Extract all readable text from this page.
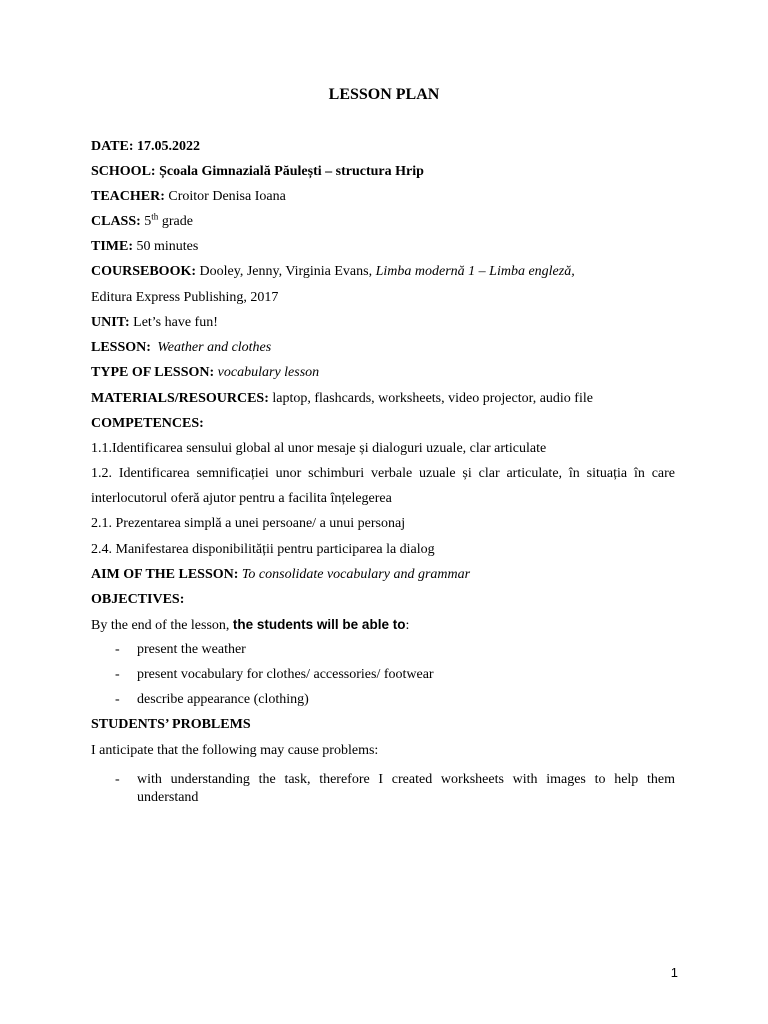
LESSON PLAN
DATE: 17.05.2022
SCHOOL: Școala Gimnazială Păulești – structura Hrip
TEACHER: Croitor Denisa Ioana
CLASS: 5th grade
TIME: 50 minutes
COURSEBOOK: Dooley, Jenny, Virginia Evans, Limba modernă 1 – Limba engleză,
Editura Express Publishing, 2017
UNIT: Let’s have fun!
LESSON: Weather and clothes
TYPE OF LESSON: vocabulary lesson
MATERIALS/RESOURCES: laptop, flashcards, worksheets, video projector, audio file
COMPETENCES:
1.1.Identificarea sensului global al unor mesaje și dialoguri uzuale, clar articulate
1.2. Identificarea semnificației unor schimburi verbale uzuale și clar articulate, în situația în care interlocutorul oferă ajutor pentru a facilita înțelegerea
2.1. Prezentarea simplă a unei persoane/ a unui personaj
2.4. Manifestarea disponibilității pentru participarea la dialog
AIM OF THE LESSON: To consolidate vocabulary and grammar
OBJECTIVES:
By the end of the lesson, the students will be able to:
- present the weather
- present vocabulary for clothes/ accessories/ footwear
- describe appearance (clothing)
STUDENTS’ PROBLEMS
I anticipate that the following may cause problems:
- with understanding the task, therefore I created worksheets with images to help them understand
1
